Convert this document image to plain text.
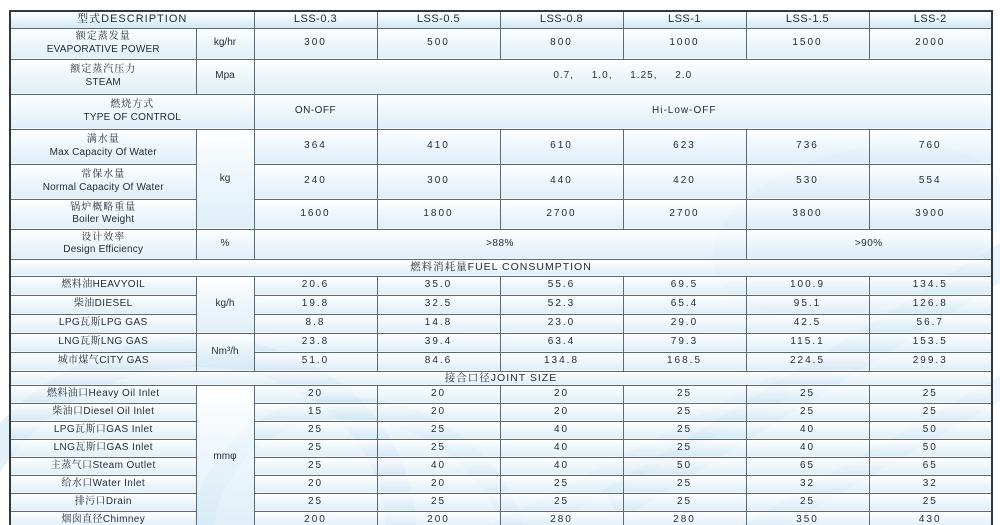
型式DESCRIPTION		LSS-0.3	LSS-0.5	LSS-0.8	LSS-1	LSS-1.5	LSS-2

额定蒸发量
EVAPORATIVE POWER	kg/hr	300	500	800	1000	1500	2000

额定蒸汽压力
STEAM	Mpa	0.7, 1.0, 1.25, 2.0					

燃烧方式
TYPE OF CONTROL		ON-OFF	Hi-Low-OFF				

满水量
Max Capacity Of Water	kg	364	410	610	623	736	760

常保水量
Normal Capacity Of Water		240	300	440	420	530	554

锅炉概略重量
Boiler Weight		1600	1800	2700	2700	3800	3900

设计效率
Design Efficiency	%	>88%				>90%	
燃料消耗量FUEL CONSUMPTION							
燃料油HEAVYOIL	kg/h	20.6	35.0	55.6	69.5	100.9	134.5
柴油DIESEL		19.8	32.5	52.3	65.4	95.1	126.8
LPG瓦斯LPG GAS		8.8	14.8	23.0	29.0	42.5	56.7
LNG瓦斯LNG GAS	Nm³/h	23.8	39.4	63.4	79.3	115.1	153.5
城市煤气CITY GAS		51.0	84.6	134.8	168.5	224.5	299.3
接合口径JOINT SIZE							
燃料油口Heavy Oil Inlet	mmφ	20	20	20	25	25	25
柴油口Diesel Oil Inlet		15	20	20	25	25	25
LPG瓦斯口GAS Inlet		25	25	40	25	40	50
LNG瓦斯口GAS Inlet		25	25	40	25	40	50
主蒸气口Steam Outlet		25	40	40	50	65	65
给水口Water Inlet		20	20	25	25	32	32
排污口Drain		25	25	25	25	25	25
烟囱直径Chimney		200	200	280	280	350	430
